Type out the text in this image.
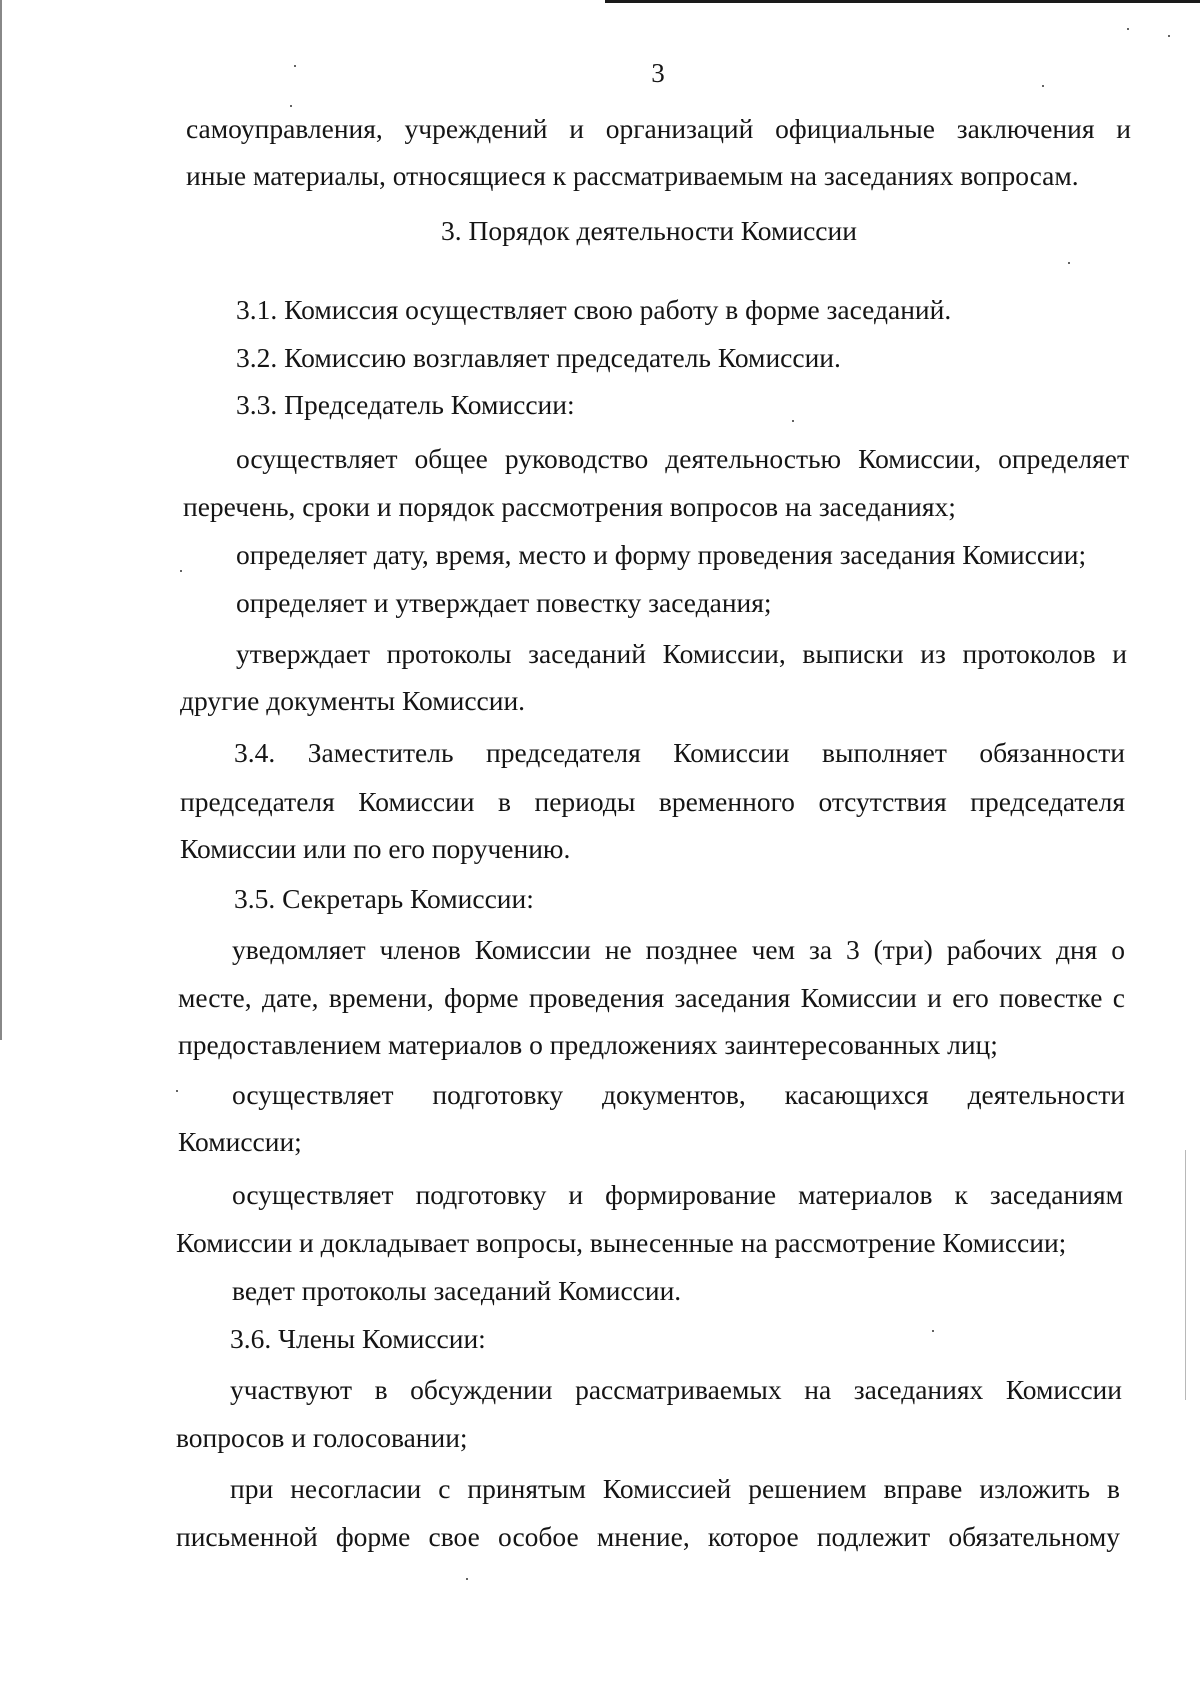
3
самоуправления, учреждений и организаций официальные заключения и
иные материалы, относящиеся к рассматриваемым на заседаниях вопросам.
3. Порядок деятельности Комиссии
3.1. Комиссия осуществляет свою работу в форме заседаний.
3.2. Комиссию возглавляет председатель Комиссии.
3.3. Председатель Комиссии:
осуществляет общее руководство деятельностью Комиссии, определяет
перечень, сроки и порядок рассмотрения вопросов на заседаниях;
определяет дату, время, место и форму проведения заседания Комиссии;
определяет и утверждает повестку заседания;
утверждает протоколы заседаний Комиссии, выписки из протоколов и
другие документы Комиссии.
3.4. Заместитель председателя Комиссии выполняет обязанности
председателя Комиссии в периоды временного отсутствия председателя
Комиссии или по его поручению.
3.5. Секретарь Комиссии:
уведомляет членов Комиссии не позднее чем за 3 (три) рабочих дня о
месте, дате, времени, форме проведения заседания Комиссии и его повестке с
предоставлением материалов о предложениях заинтересованных лиц;
осуществляет подготовку документов, касающихся деятельности
Комиссии;
осуществляет подготовку и формирование материалов к заседаниям
Комиссии и докладывает вопросы, вынесенные на рассмотрение Комиссии;
ведет протоколы заседаний Комиссии.
3.6. Члены Комиссии:
участвуют в обсуждении рассматриваемых на заседаниях Комиссии
вопросов и голосовании;
при несогласии с принятым Комиссией решением вправе изложить в
письменной форме свое особое мнение, которое подлежит обязательному
